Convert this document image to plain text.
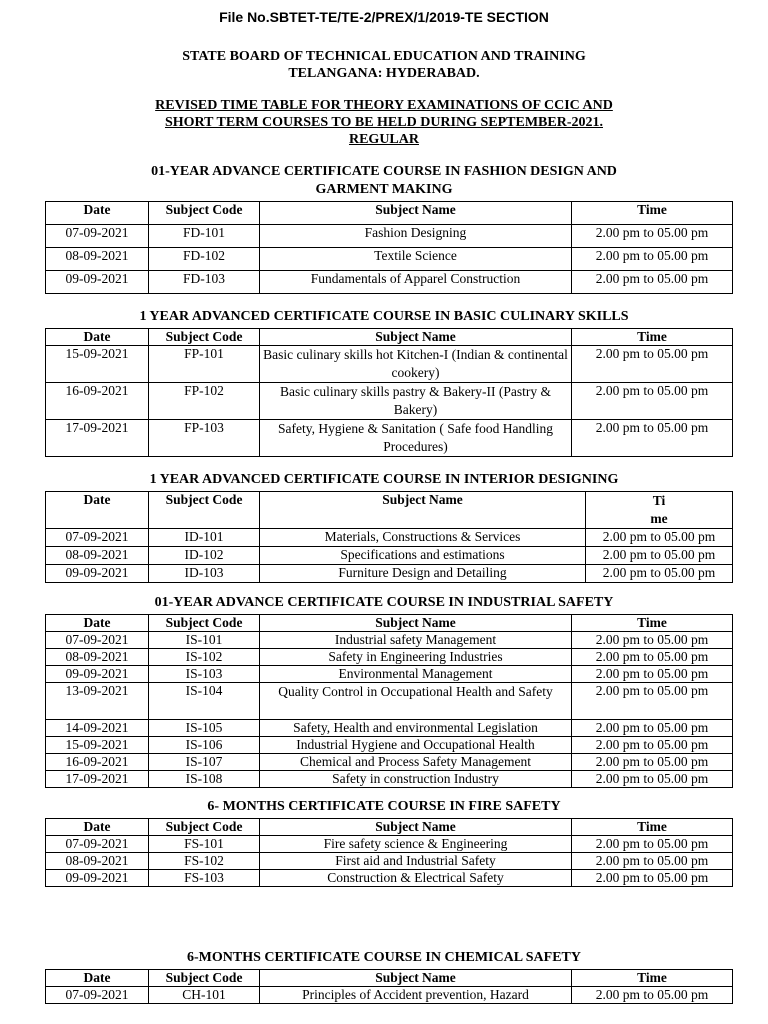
File No.SBTET-TE/TE-2/PREX/1/2019-TE SECTION
STATE BOARD OF TECHNICAL EDUCATION AND TRAINING
TELANGANA: HYDERABAD.
REVISED TIME TABLE FOR THEORY EXAMINATIONS OF CCIC AND
SHORT TERM COURSES TO BE HELD DURING SEPTEMBER-2021.
REGULAR
01-YEAR ADVANCE CERTIFICATE COURSE IN FASHION DESIGN AND
GARMENT MAKING
Date	Subject Code	Subject Name	Time
07-09-2021	FD-101	Fashion Designing	2.00 pm to 05.00 pm
08-09-2021	FD-102	Textile Science	2.00 pm to 05.00 pm
09-09-2021	FD-103	Fundamentals of Apparel Construction	2.00 pm to 05.00 pm
1 YEAR ADVANCED CERTIFICATE COURSE IN BASIC CULINARY SKILLS
Date	Subject Code	Subject Name	Time
15-09-2021	FP-101	Basic culinary skills hot Kitchen-I (Indian & continental cookery)	2.00 pm to 05.00 pm
16-09-2021	FP-102	Basic culinary skills pastry & Bakery-II (Pastry & Bakery)	2.00 pm to 05.00 pm
17-09-2021	FP-103	Safety, Hygiene & Sanitation ( Safe food Handling Procedures)	2.00 pm to 05.00 pm
1 YEAR ADVANCED CERTIFICATE COURSE IN INTERIOR DESIGNING
Date	Subject Code	Subject Name	Ti
me
07-09-2021	ID-101	Materials, Constructions & Services	2.00 pm to 05.00 pm
08-09-2021	ID-102	Specifications and estimations	2.00 pm to 05.00 pm
09-09-2021	ID-103	Furniture Design and Detailing	2.00 pm to 05.00 pm
01-YEAR ADVANCE CERTIFICATE COURSE IN INDUSTRIAL SAFETY
Date	Subject Code	Subject Name	Time
07-09-2021	IS-101	Industrial safety Management	2.00 pm to 05.00 pm
08-09-2021	IS-102	Safety in Engineering Industries	2.00 pm to 05.00 pm
09-09-2021	IS-103	Environmental Management	2.00 pm to 05.00 pm
13-09-2021	IS-104	Quality Control in Occupational Health and Safety	2.00 pm to 05.00 pm
14-09-2021	IS-105	Safety, Health and environmental Legislation	2.00 pm to 05.00 pm
15-09-2021	IS-106	Industrial Hygiene and Occupational Health	2.00 pm to 05.00 pm
16-09-2021	IS-107	Chemical and Process Safety Management	2.00 pm to 05.00 pm
17-09-2021	IS-108	Safety in construction Industry	2.00 pm to 05.00 pm
6- MONTHS CERTIFICATE COURSE IN FIRE SAFETY
Date	Subject Code	Subject Name	Time
07-09-2021	FS-101	Fire safety science & Engineering	2.00 pm to 05.00 pm
08-09-2021	FS-102	First aid and Industrial Safety	2.00 pm to 05.00 pm
09-09-2021	FS-103	Construction & Electrical Safety	2.00 pm to 05.00 pm
6-MONTHS CERTIFICATE COURSE IN CHEMICAL SAFETY
Date	Subject Code	Subject Name	Time
07-09-2021	CH-101	Principles of Accident prevention, Hazard	2.00 pm to 05.00 pm
